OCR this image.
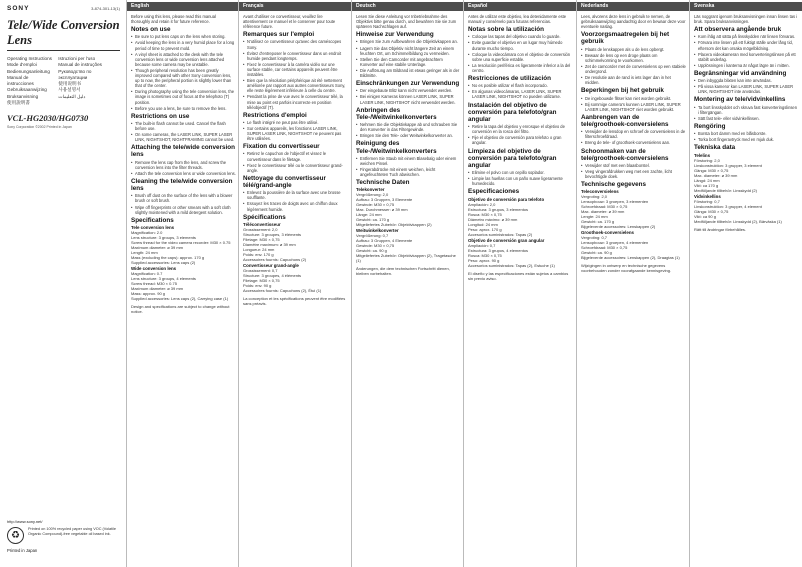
SONY	3-874-301-13(1)
Tele/Wide Conversion Lens
Operating Instructions
Mode d'emploi
Bedienungsanleitung
Manual de instrucciones
Gebruiksaanwijzing
Bruksanvisning
使用說明書
Istruzioni per l'uso
Manual de instruções
Руководство по эксплуатации
使用说明书
사용설명서
دليل التعليمات
VCL-HG2030/HG0730
Sony Corporation ©2002 Printed in Japan
http://www.sony.net/
♻
Printed on 100% recycled paper using VOC (Volatile Organic Compound)-free vegetable oil based ink.
Printed in Japan
English

Before using this lens, please read this manual thoroughly and retain it for future reference.

Notes on use
• Be sure to put lens caps on the lens when storing.
• Avoid keeping the lens in a very humid place for a long period of time to prevent mold.
• A vinyl sheet is attached to the desk with the tele conversion lens or wide conversion lens attached because some camera may be unstable.
• Though peripheral resolution has been greatly improved compared with other Sony conversion lens, up to now, the peripheral portion is slightly lower than that of the center.
• During photography using the tele conversion lens, the image is sometimes out of focus at the telephoto (T) position.
• Before you use a lens, be sure to remove the lens.
Restrictions on use
• The built-in flash cannot be used. Cancel the flash before use.
• On some cameras, the LASER LINK, SUPER LASER LINK, NIGHTSHOT, NIGHTFRAMING cannot be used.
Attaching the tele/wide conversion lens
• Remove the lens cap from the lens, and screw the conversion lens into the filter threads.
• Attach the tele conversion lens or wide conversion lens.
Cleaning the tele/wide conversion lens
• Brush off dust on the surface of the lens with a blower brush or soft brush.
• Wipe off fingerprints or other smears with a soft cloth slightly moistened with a mild detergent solution.
Specifications
Tele conversion lens
Magnification: 2.0
Lens structure: 3 groups, 3 elements
Screw thread for the video camera recorder: M30 × 0.75
Maximum diameter: ø 39 mm
Length: 24 mm
Mass (excluding the caps): approx. 170 g
Supplied accessories: Lens caps (2)
Wide conversion lens
Magnification: 0.7
Lens structure: 3 groups, 4 elements
Screw thread: M30 × 0.75
Maximum diameter: ø 39 mm
Mass: approx. 90 g
Supplied accessories: Lens caps (2), Carrying case (1)
Design and specifications are subject to change without notice.
Français

Avant d'utiliser ce convertisseur, veuillez lire attentivement ce manuel et le conserver pour toute référence future.

Remarques sur l'emploi
• N'utilisez ce convertisseur qu'avec des caméscopes Sony.
• Évitez d'entreposer le convertisseur dans un endroit humide pendant longtemps.
• Fixez le convertisseur à la caméra vidéo sur une surface stable, car certains appareils peuvent être instables.
• Bien que la résolution périphérique ait été nettement améliorée par rapport aux autres convertisseurs Sony, elle reste légèrement inférieure à celle du centre.
• Pendant la prise de vue avec le convertisseur télé, la mise au point est parfois incorrecte en position téléobjectif (T).
Restrictions d'emploi
• Le flash intégré ne peut pas être utilisé.
• Sur certains appareils, les fonctions LASER LINK, SUPER LASER LINK, NIGHTSHOT ne peuvent pas être utilisées.
Fixation du convertisseur
• Retirez le capuchon de l'objectif et vissez le convertisseur dans le filetage.
• Fixez le convertisseur télé ou le convertisseur grand-angle.
Nettoyage du convertisseur télé/grand-angle
• Enlevez la poussière de la surface avec une brosse soufflante.
• Essuyez les traces de doigts avec un chiffon doux légèrement humide.
Spécifications
Téléconvertisseur
Grossissement: 2,0
Structure: 3 groupes, 3 éléments
Filetage: M30 × 0,75
Diamètre maximum: ø 39 mm
Longueur: 24 mm
Poids: env. 170 g
Accessoires fournis: Capuchons (2)
Convertisseur grand-angle
Grossissement: 0,7
Structure: 3 groupes, 4 éléments
Filetage: M30 × 0,75
Poids: env. 90 g
Accessoires fournis: Capuchons (2), Étui (1)
La conception et les spécifications peuvent être modifiées sans préavis.
Deutsch

Lesen Sie diese Anleitung vor Inbetriebnahme des Objektivs bitte genau durch, und bewahren Sie sie zum späteren Nachschlagen auf.

Hinweise zur Verwendung
• Bringen Sie zum Aufbewahren die Objektivkappen an.
• Lagern Sie das Objektiv nicht längere Zeit an einem feuchten Ort, um Schimmelbildung zu vermeiden.
• Stellen Sie den Camcorder mit angebrachtem Konverter auf eine stabile Unterlage.
• Die Auflösung am Bildrand ist etwas geringer als in der Bildmitte.
Einschränkungen zur Verwendung
• Der eingebaute Blitz kann nicht verwendet werden.
• Bei einigen Kameras können LASER LINK, SUPER LASER LINK, NIGHTSHOT nicht verwendet werden.
Anbringen des Tele-/Weitwinkelkonverters
• Nehmen Sie die Objektivkappe ab und schrauben Sie den Konverter in das Filtergewinde.
• Bringen Sie den Tele- oder Weitwinkelkonverter an.
Reinigung des Tele-/Weitwinkelkonverters
• Entfernen Sie Staub mit einem Blasebalg oder einem weichen Pinsel.
• Fingerabdrücke mit einem weichen, leicht angefeuchteten Tuch abwischen.
Technische Daten
Telekonverter
Vergrößerung: 2,0
Aufbau: 3 Gruppen, 3 Elemente
Gewinde: M30 × 0,75
Max. Durchmesser: ø 39 mm
Länge: 24 mm
Gewicht: ca. 170 g
Mitgeliefertes Zubehör: Objektivkappen (2)
Weitwinkelkonverter
Vergrößerung: 0,7
Aufbau: 3 Gruppen, 4 Elemente
Gewinde: M30 × 0,75
Gewicht: ca. 90 g
Mitgeliefertes Zubehör: Objektivkappen (2), Tragetasche (1)
Änderungen, die dem technischen Fortschritt dienen, bleiben vorbehalten.
Español

Antes de utilizar este objetivo, lea detenidamente este manual y consérvelo para futuras referencias.

Notas sobre la utilización
• Coloque las tapas del objetivo cuando lo guarde.
• Evite guardar el objetivo en un lugar muy húmedo durante mucho tiempo.
• Coloque la videocámara con el objetivo de conversión sobre una superficie estable.
• La resolución periférica es ligeramente inferior a la del centro.
Restricciones de utilización
• No es posible utilizar el flash incorporado.
• En algunas videocámaras, LASER LINK, SUPER LASER LINK, NIGHTSHOT no pueden utilizarse.
Instalación del objetivo de conversión para telefoto/gran angular
• Retire la tapa del objetivo y enrosque el objetivo de conversión en la rosca del filtro.
• Fije el objetivo de conversión para telefoto o gran angular.
Limpieza del objetivo de conversión para telefoto/gran angular
• Elimine el polvo con un cepillo soplador.
• Limpie las huellas con un paño suave ligeramente humedecido.
Especificaciones
Objetivo de conversión para telefoto
Ampliación: 2,0
Estructura: 3 grupos, 3 elementos
Rosca: M30 × 0,75
Diámetro máximo: ø 39 mm
Longitud: 24 mm
Peso: aprox. 170 g
Accesorios suministrados: Tapas (2)
Objetivo de conversión gran angular
Ampliación: 0,7
Estructura: 3 grupos, 4 elementos
Rosca: M30 × 0,75
Peso: aprox. 90 g
Accesorios suministrados: Tapas (2), Estuche (1)
El diseño y las especificaciones están sujetos a cambios sin previo aviso.
Nederlands

Lees, alvorens deze lens in gebruik te nemen, de gebruiksaanwijzing aandachtig door en bewaar deze voor eventuele naslag.

Voorzorgsmaatregelen bij het gebruik
• Plaats de lenskappen als u de lens opbergt.
• Bewaar de lens op een droge plaats om schimmelvorming te voorkomen.
• Zet de camcorder met de conversielens op een stabiele ondergrond.
• De resolutie aan de rand is iets lager dan in het midden.
Beperkingen bij het gebruik
• De ingebouwde flitser kan niet worden gebruikt.
• Bij sommige camera's kunnen LASER LINK, SUPER LASER LINK, NIGHTSHOT niet worden gebruikt.
Aanbrengen van de tele/groothoek-conversielens
• Verwijder de lensdop en schroef de conversielens in de filterschroefdraad.
• Breng de tele- of groothoek-conversielens aan.
Schoonmaken van de tele/groothoek-conversielens
• Verwijder stof met een blaasborstel.
• Veeg vingerafdrukken weg met een zachte, licht bevochtigde doek.
Technische gegevens
Teleconversielens
Vergroting: 2,0
Lensopbouw: 3 groepen, 3 elementen
Schroefdraad: M30 × 0,75
Max. diameter: ø 39 mm
Lengte: 24 mm
Gewicht: ca. 170 g
Bijgeleverde accessoires: Lenskappen (2)
Groothoek-conversielens
Vergroting: 0,7
Lensopbouw: 3 groepen, 4 elementen
Schroefdraad: M30 × 0,75
Gewicht: ca. 90 g
Bijgeleverde accessoires: Lenskappen (2), Draagtas (1)
Wijzigingen in ontwerp en technische gegevens voorbehouden zonder voorafgaande kennisgeving.
Svenska

Läs noggrant igenom bruksanvisningen innan linsen tas i bruk. Spara bruksanvisningen.

Att observera angående bruk
• Kom ihåg att sätta på linsskydden när linsen förvaras.
• Förvara inte linsen på ett fuktigt ställe under lång tid, eftersom det kan orsaka mögelbildning.
• Placera videokameran med konverteringslinsen på ett stabilt underlag.
• Upplösningen i kanterna är något lägre än i mitten.
Begränsningar vid användning
• Den inbyggda blixten kan inte användas.
• På vissa kameror kan LASER LINK, SUPER LASER LINK, NIGHTSHOT inte användas.
Montering av tele/vidvinkellins
• Ta bort linsskyddet och skruva fast konverteringslinsen i filtergängan.
• Sätt fast tele- eller vidvinkellinsen.
Rengöring
• Borsta bort damm med en blåsborste.
• Torka bort fingeravtryck med en mjuk duk.
Tekniska data
Telelins
Förstoring: 2,0
Linskonstruktion: 3 grupper, 3 element
Gänga: M30 × 0,75
Max. diameter: ø 39 mm
Längd: 24 mm
Vikt: ca 170 g
Medföljande tillbehör: Linsskydd (2)
Vidvinkellins
Förstoring: 0,7
Linskonstruktion: 3 grupper, 4 element
Gänga: M30 × 0,75
Vikt: ca 90 g
Medföljande tillbehör: Linsskydd (2), Bärväska (1)
Rätt till ändringar förbehålles.
